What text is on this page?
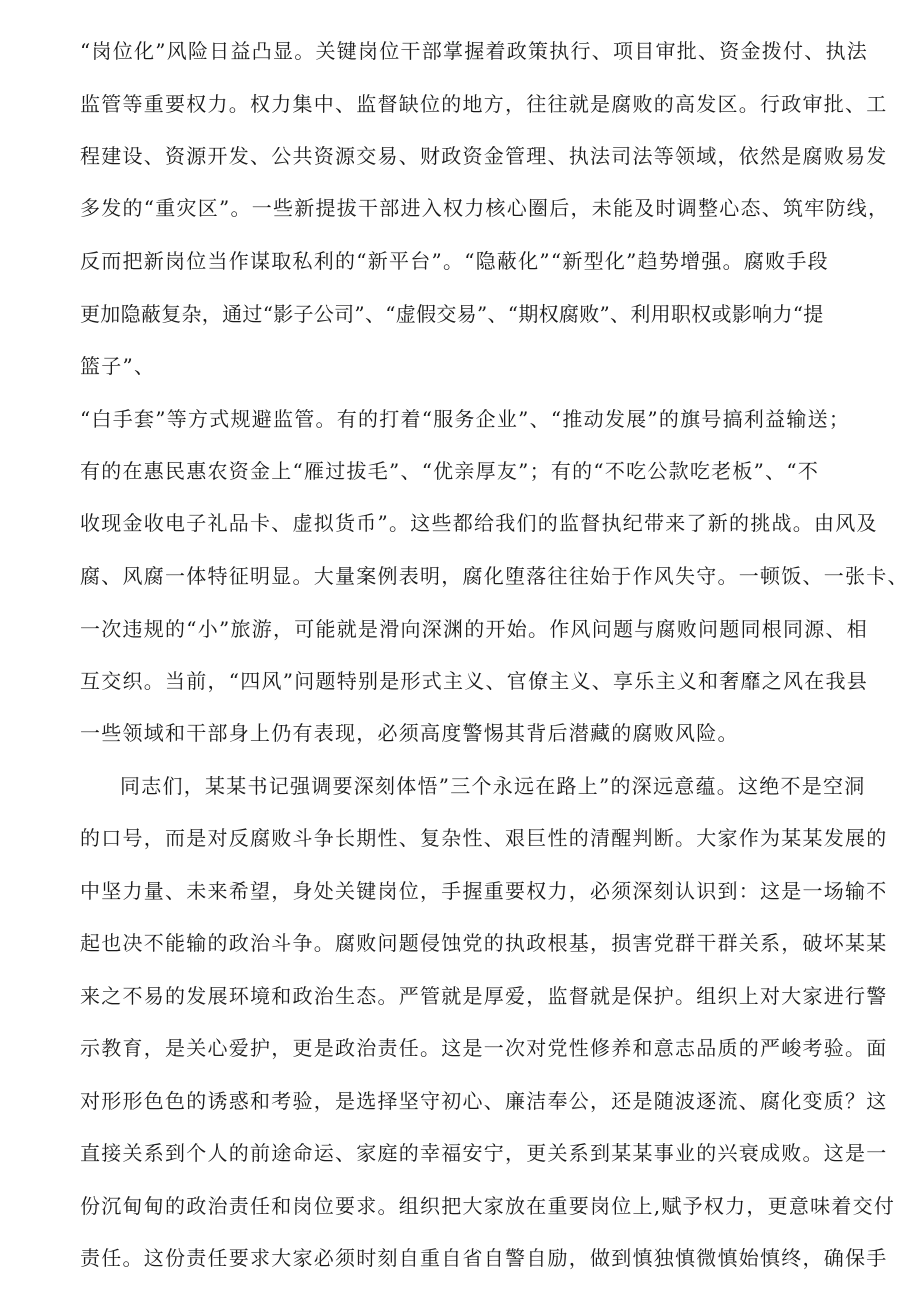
“岗位化”风险日益凸显。关键岗位干部掌握着政策执行、项目审批、资金拨付、执法
监管等重要权力。权力集中、监督缺位的地方，往往就是腐败的高发区。行政审批、工
程建设、资源开发、公共资源交易、财政资金管理、执法司法等领域，依然是腐败易发
多发的“重灾区”。一些新提拔干部进入权力核心圈后，未能及时调整心态、筑牢防线，
反而把新岗位当作谋取私利的“新平台”。“隐蔽化”“新型化”趋势增强。腐败手段
更加隐蔽复杂，通过“影子公司”、“虚假交易”、“期权腐败”、利用职权或影响力“提
篮子”、
“白手套”等方式规避监管。有的打着“服务企业”、“推动发展”的旗号搞利益输送；
有的在惠民惠农资金上“雁过拔毛”、“优亲厚友”；有的“不吃公款吃老板”、“不
收现金收电子礼品卡、虚拟货币”。这些都给我们的监督执纪带来了新的挑战。由风及
腐、风腐一体特征明显。大量案例表明，腐化堕落往往始于作风失守。一顿饭、一张卡、
一次违规的“小”旅游，可能就是滑向深渊的开始。作风问题与腐败问题同根同源、相
互交织。当前，“四风”问题特别是形式主义、官僚主义、享乐主义和奢靡之风在我县
一些领域和干部身上仍有表现，必须高度警惕其背后潜藏的腐败风险。
同志们，某某书记强调要深刻体悟”三个永远在路上”的深远意蕴。这绝不是空洞
的口号，而是对反腐败斗争长期性、复杂性、艰巨性的清醒判断。大家作为某某发展的
中坚力量、未来希望，身处关键岗位，手握重要权力，必须深刻认识到：这是一场输不
起也决不能输的政治斗争。腐败问题侵蚀党的执政根基，损害党群干群关系，破坏某某
来之不易的发展环境和政治生态。严管就是厚爱，监督就是保护。组织上对大家进行警
示教育，是关心爱护，更是政治责任。这是一次对党性修养和意志品质的严峻考验。面
对形形色色的诱惑和考验，是选择坚守初心、廉洁奉公，还是随波逐流、腐化变质？这
直接关系到个人的前途命运、家庭的幸福安宁，更关系到某某事业的兴衰成败。这是一
份沉甸甸的政治责任和岗位要求。组织把大家放在重要岗位上,赋予权力，更意味着交付
责任。这份责任要求大家必须时刻自重自省自警自励，做到慎独慎微慎始慎终，确保手
